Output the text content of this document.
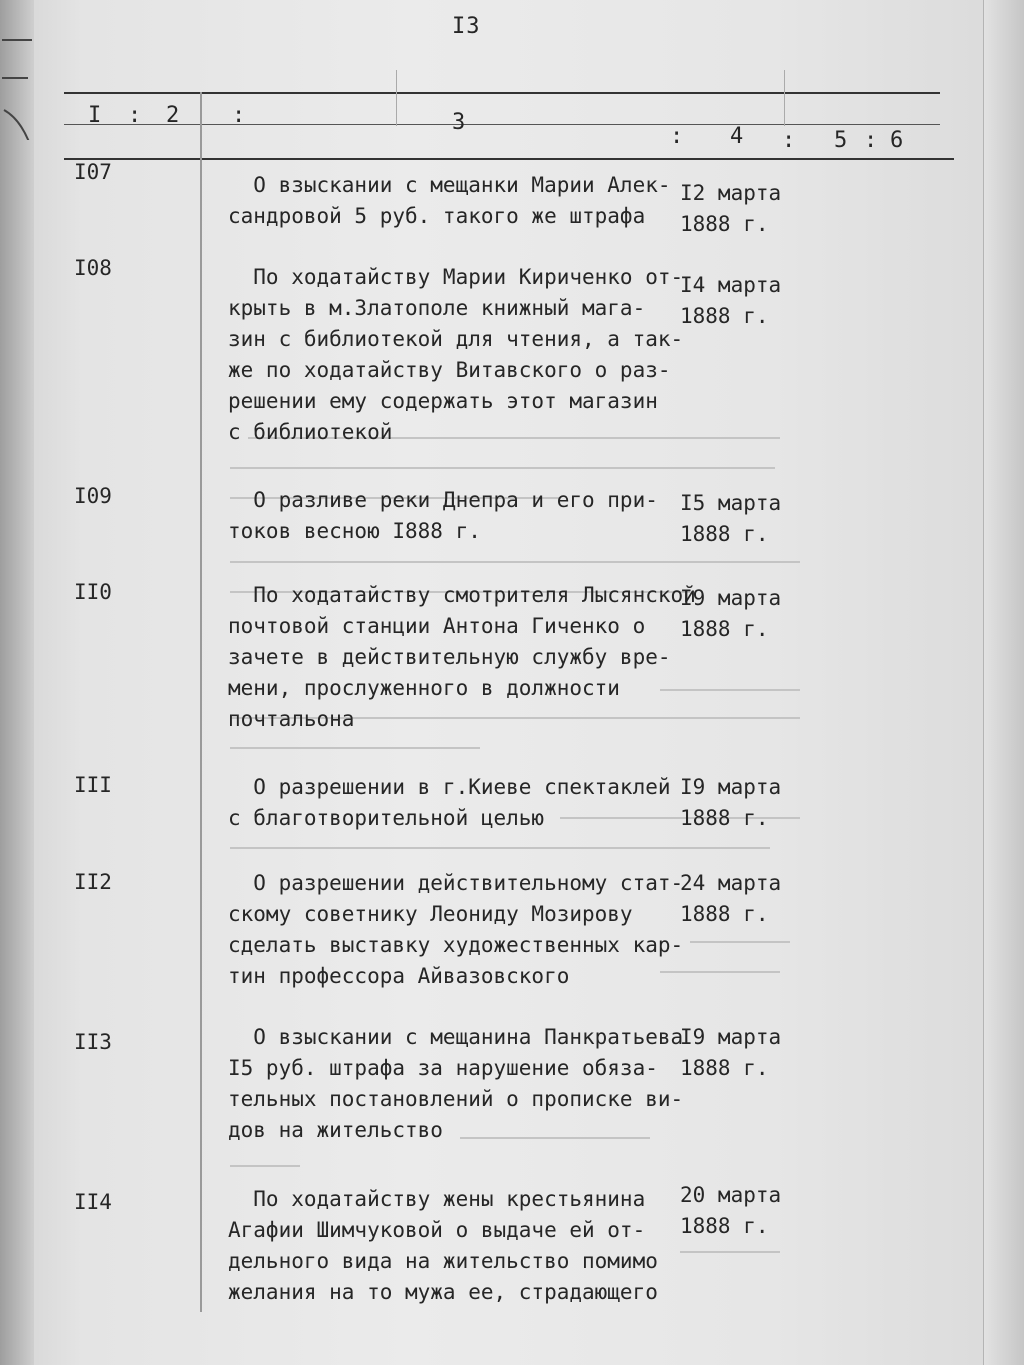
I3
I : 2 :	3
: 4 : 5 : 6
I07
О взыскании с мещанки Марии Алек-
сандровой 5 руб. такого же штрафа
I2 марта
1888 г.
I08	По ходатайству Марии Кириченко от-
крыть в м.Златополе книжный мага-
зин с библиотекой для чтения, а так-
же по ходатайству Витавского о раз-
решении ему содержать этот магазин
с библиотекой
I4 марта
1888 г.
I09	О разливе реки Днепра и его при-
токов весною I888 г.
I5 марта
1888 г.
II0	По ходатайству смотрителя Лысянской
почтовой станции Антона Гиченко о
зачете в действительную службу вре-
мени, прослуженного в должности
почтальона
I9 марта
1888 г.
III	О разрешении в г.Киеве спектаклей
с благотворительной целью
I9 марта
1888 г.
II2	О разрешении действительному стат-
скому советнику Леониду Мозирову
сделать выставку художественных кар-
тин профессора Айвазовского
24 марта
1888 г.
II3	О взыскании с мещанина Панкратьева
I5 руб. штрафа за нарушение обяза-
тельных постановлений о прописке ви-
дов на жительство
I9 марта
1888 г.
II4	По ходатайству жены крестьянина
Агафии Шимчуковой о выдаче ей от-
дельного вида на жительство помимо
желания на то мужа ее, страдающего
20 марта
1888 г.
